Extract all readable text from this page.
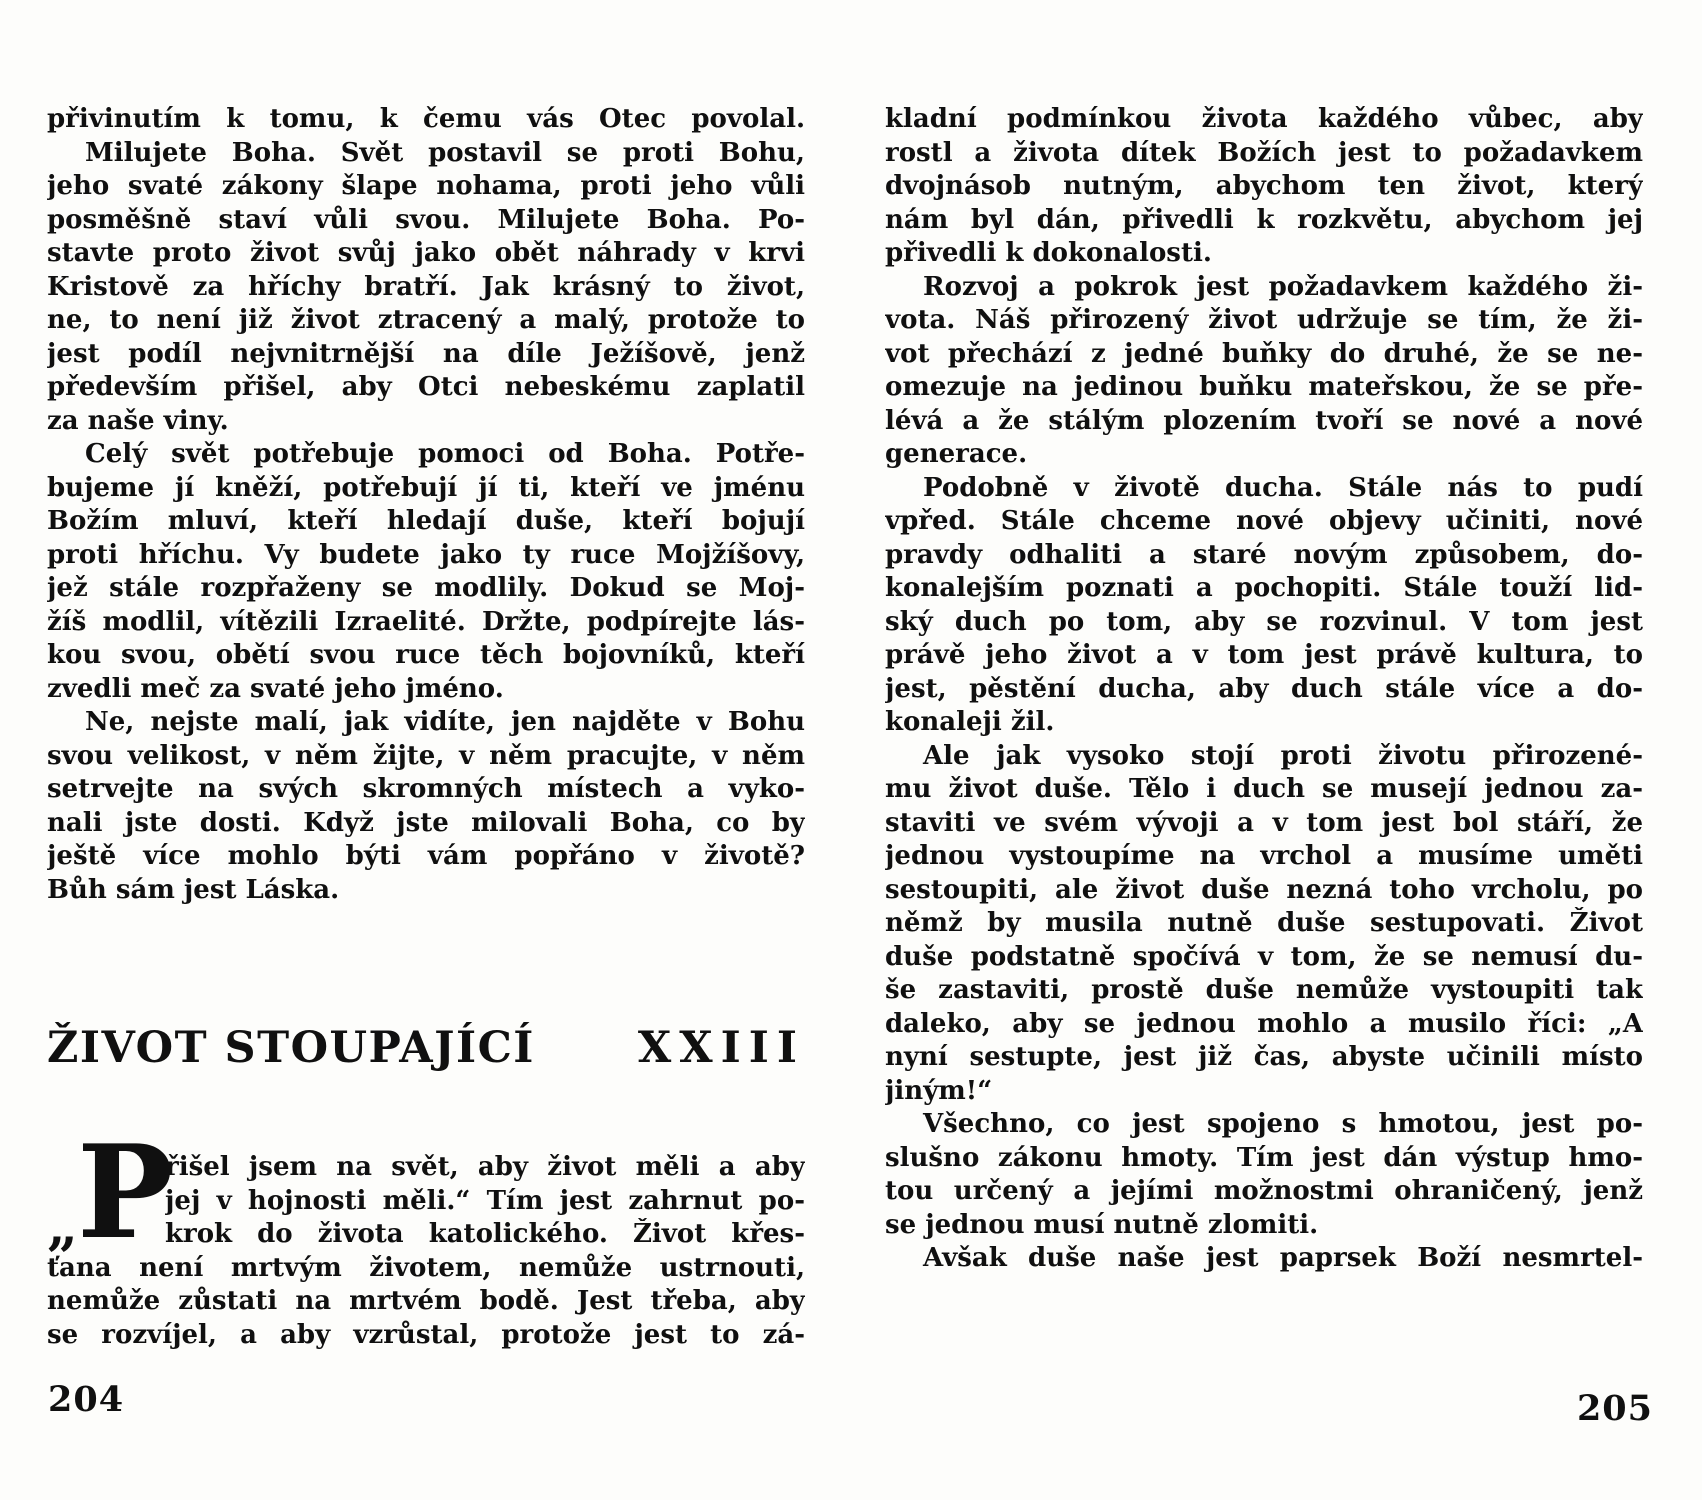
přivinutím k tomu, k čemu vás Otec povolal.
Milujete Boha. Svět postavil se proti Bohu,
jeho svaté zákony šlape nohama, proti jeho vůli
posměšně staví vůli svou. Milujete Boha. Po-
stavte proto život svůj jako obět náhrady v krvi
Kristově za hříchy bratří. Jak krásný to život,
ne, to není již život ztracený a malý, protože to
jest podíl nejvnitrnější na díle Ježíšově, jenž
především přišel, aby Otci nebeskému zaplatil
za naše viny.
Celý svět potřebuje pomoci od Boha. Potře-
bujeme jí kněží, potřebují jí ti, kteří ve jménu
Božím mluví, kteří hledají duše, kteří bojují
proti hříchu. Vy budete jako ty ruce Mojžíšovy,
jež stále rozpřaženy se modlily. Dokud se Moj-
žíš modlil, vítězili Izraelité. Držte, podpírejte lás-
kou svou, obětí svou ruce těch bojovníků, kteří
zvedli meč za svaté jeho jméno.
Ne, nejste malí, jak vidíte, jen najděte v Bohu
svou velikost, v něm žijte, v něm pracujte, v něm
setrvejte na svých skromných místech a vyko-
nali jste dosti. Když jste milovali Boha, co by
ještě více mohlo býti vám popřáno v životě?
Bůh sám jest Láska.
ŽIVOT STOUPAJÍCÍ XXIII
„
P
řišel jsem na svět, aby život měli a aby
jej v hojnosti měli.“ Tím jest zahrnut po-
krok do života katolického. Život křes-
ťana není mrtvým životem, nemůže ustrnouti,
nemůže zůstati na mrtvém bodě. Jest třeba, aby
se rozvíjel, a aby vzrůstal, protože jest to zá-
kladní podmínkou života každého vůbec, aby
rostl a života dítek Božích jest to požadavkem
dvojnásob nutným, abychom ten život, který
nám byl dán, přivedli k rozkvětu, abychom jej
přivedli k dokonalosti.
Rozvoj a pokrok jest požadavkem každého ži-
vota. Náš přirozený život udržuje se tím, že ži-
vot přechází z jedné buňky do druhé, že se ne-
omezuje na jedinou buňku mateřskou, že se pře-
lévá a že stálým plozením tvoří se nové a nové
generace.
Podobně v životě ducha. Stále nás to pudí
vpřed. Stále chceme nové objevy učiniti, nové
pravdy odhaliti a staré novým způsobem, do-
konalejším poznati a pochopiti. Stále touží lid-
ský duch po tom, aby se rozvinul. V tom jest
právě jeho život a v tom jest právě kultura, to
jest, pěstění ducha, aby duch stále více a do-
konaleji žil.
Ale jak vysoko stojí proti životu přirozené-
mu život duše. Tělo i duch se musejí jednou za-
staviti ve svém vývoji a v tom jest bol stáří, že
jednou vystoupíme na vrchol a musíme uměti
sestoupiti, ale život duše nezná toho vrcholu, po
němž by musila nutně duše sestupovati. Život
duše podstatně spočívá v tom, že se nemusí du-
še zastaviti, prostě duše nemůže vystoupiti tak
daleko, aby se jednou mohlo a musilo říci: „A
nyní sestupte, jest již čas, abyste učinili místo
jiným!“
Všechno, co jest spojeno s hmotou, jest po-
slušno zákonu hmoty. Tím jest dán výstup hmo-
tou určený a jejími možnostmi ohraničený, jenž
se jednou musí nutně zlomiti.
Avšak duše naše jest paprsek Boží nesmrtel-
204	205
